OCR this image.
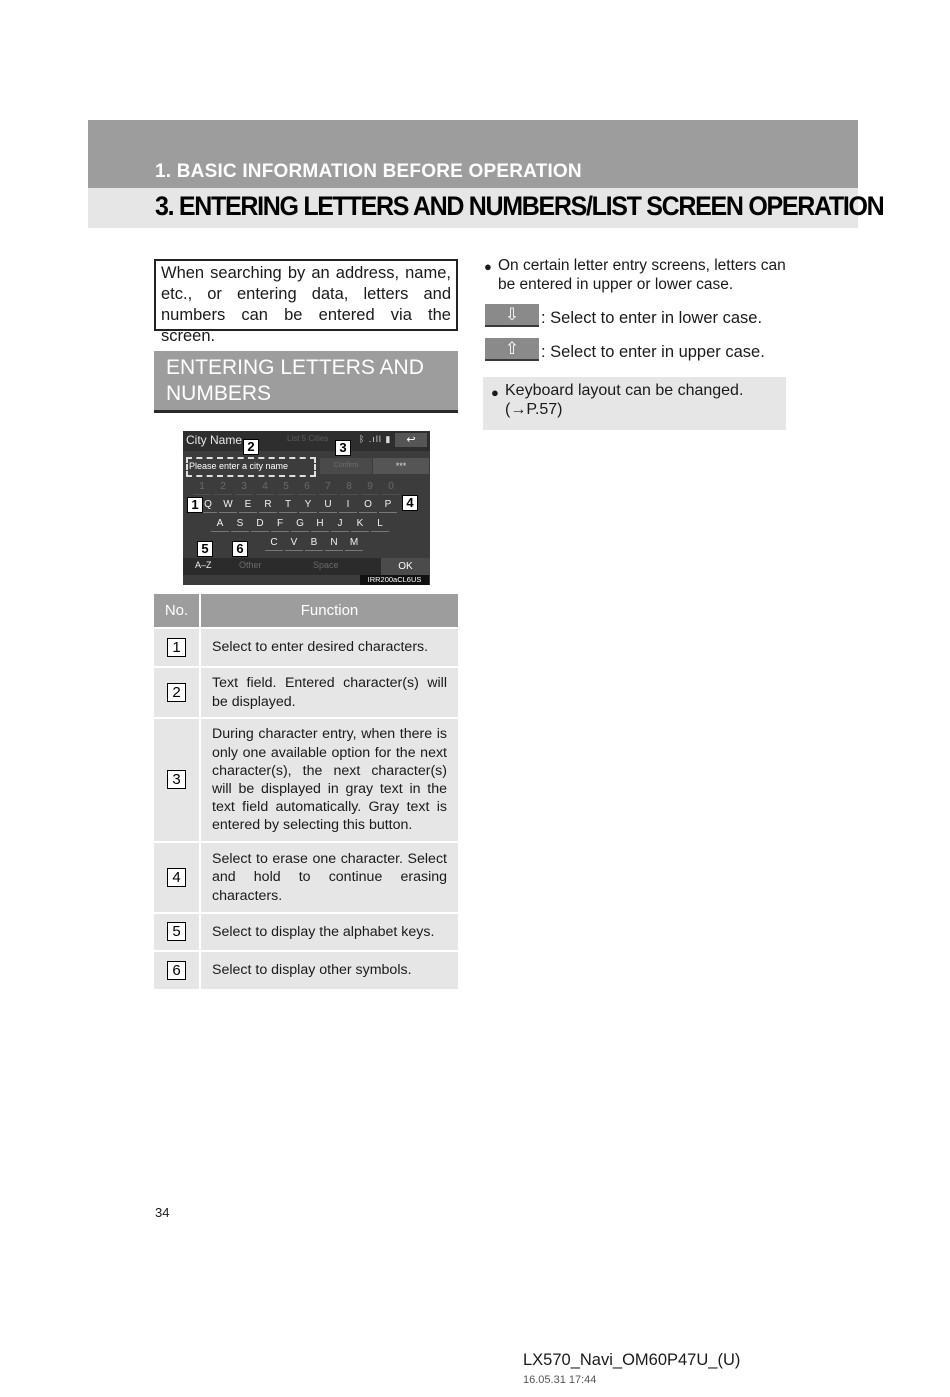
1. BASIC INFORMATION BEFORE OPERATION
3. ENTERING LETTERS AND NUMBERS/LIST SCREEN OPERATION
When searching by an address, name, etc., or entering data, letters and numbers can be entered via the screen.
ENTERING LETTERS AND NUMBERS
City Name	List 5 Cities	ᛒ .ıll ▮	↩
Please enter a city name	Confirm	***
1	2	3	4	5	6	7	8	9	0
Q	W	E	R	T	Y	U	I	O	P
A	S	D	F	G	H	J	K	L
C	V	B	N	M
A–Z	Other	Space	OK
1
2	3
4
5	6
IRR200aCL6US
No.	Function
1	Select to enter desired characters.
2	Text field. Entered character(s) will be displayed.
3	During character entry, when there is only one available option for the next character(s), the next character(s) will be displayed in gray text in the text field automatically. Gray text is entered by selecting this button.
4	Select to erase one character. Select and hold to continue erasing characters.
5	Select to display the alphabet keys.
6	Select to display other symbols.
● On certain letter entry screens, letters can be entered in upper or lower case.
⇩	: Select to enter in lower case.
⇧	: Select to enter in upper case.
● Keyboard layout can be changed.
(→P.57)
34
LX570_Navi_OM60P47U_(U)
16.05.31 17:44
